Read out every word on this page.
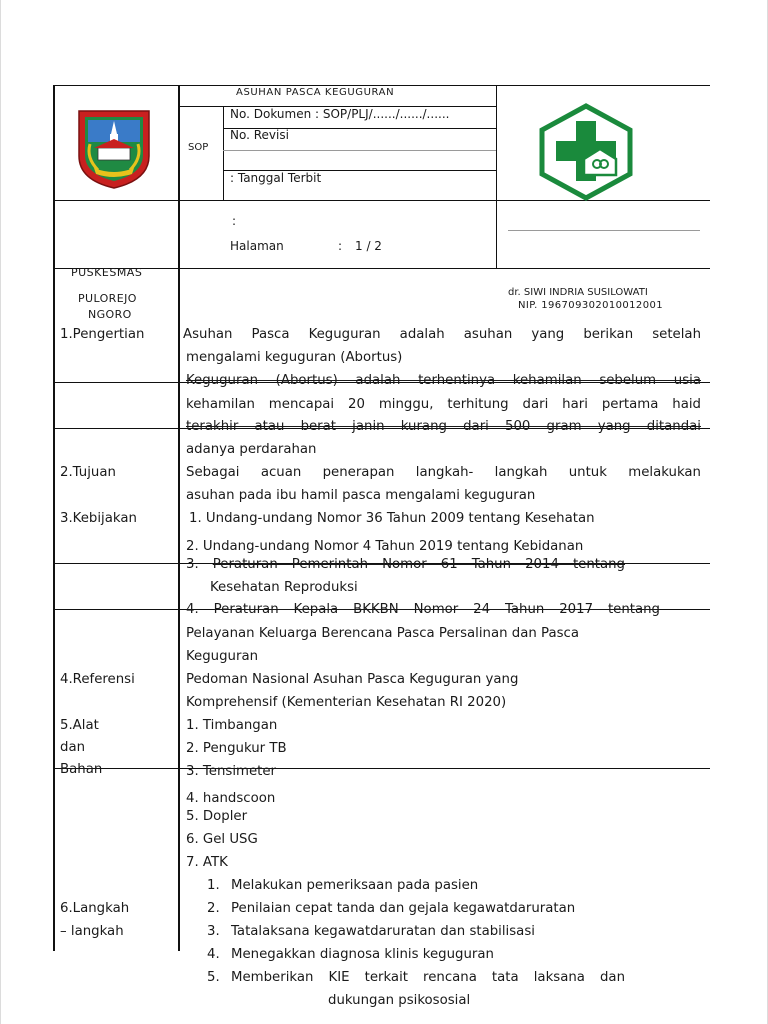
ASUHAN PASCA KEGUGURAN
SOP
No. Dokumen : SOP/PLJ/....../....../......
No. Revisi
: Tanggal Terbit
:
Halaman	: 1 / 2
dr. SIWI INDRIA SUSILOWATI
NIP. 196709302010012001
PUSKESMAS
PULOREJO
NGORO
1.Pengertian
2.Tujuan
3.Kebijakan
4.Referensi
5.Alat
dan
Bahan
6.Langkah
– langkah
Asuhan Pasca Keguguran adalah asuhan yang berikan setelah
mengalami keguguran (Abortus)
Keguguran (Abortus) adalah terhentinya kehamilan sebelum usia
kehamilan mencapai 20 minggu, terhitung dari hari pertama haid
terakhir atau berat janin kurang dari 500 gram yang ditandai
adanya perdarahan
Sebagai acuan penerapan langkah- langkah untuk melakukan
asuhan pada ibu hamil pasca mengalami keguguran
1. Undang-undang Nomor 36 Tahun 2009 tentang Kesehatan
2. Undang-undang Nomor 4 Tahun 2019 tentang Kebidanan
3. Peraturan Pemerintah Nomor 61 Tahun 2014 tentang
Kesehatan Reproduksi
4. Peraturan Kepala BKKBN Nomor 24 Tahun 2017 tentang
Pelayanan Keluarga Berencana Pasca Persalinan dan Pasca
Keguguran
Pedoman Nasional Asuhan Pasca Keguguran yang
Komprehensif (Kementerian Kesehatan RI 2020)
1. Timbangan
2. Pengukur TB
3. Tensimeter
4. handscoon
5. Dopler
6. Gel USG
7. ATK
1. Melakukan pemeriksaan pada pasien
2. Penilaian cepat tanda dan gejala kegawatdaruratan
3. Tatalaksana kegawatdaruratan dan stabilisasi
4. Menegakkan diagnosa klinis keguguran
5. Memberikan KIE terkait rencana tata laksana dan
dukungan psikososial
